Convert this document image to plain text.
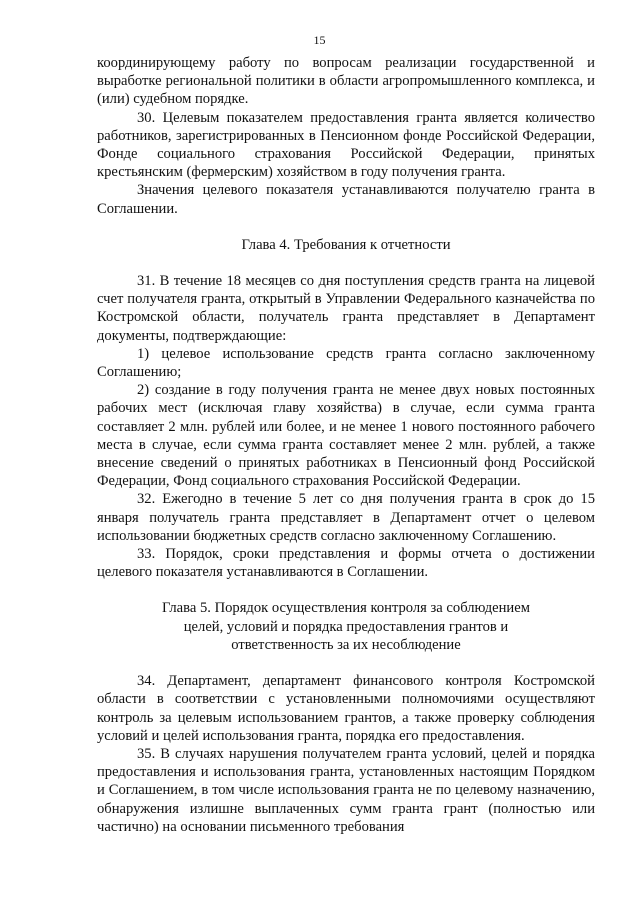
15

координирующему работу по вопросам реализации государственной и выработке региональной политики в области агропромышленного комплекса, и (или) судебном порядке.

30. Целевым показателем предоставления гранта является количество работников, зарегистрированных в Пенсионном фонде Российской Федерации, Фонде социального страхования Российской Федерации, принятых крестьянским (фермерским) хозяйством в году получения гранта.

Значения целевого показателя устанавливаются получателю гранта в Соглашении.

Глава 4. Требования к отчетности

31. В течение 18 месяцев со дня поступления средств гранта на лицевой счет получателя гранта, открытый в Управлении Федерального казначейства по Костромской области, получатель гранта представляет в Департамент документы, подтверждающие:

1) целевое использование средств гранта согласно заключенному Соглашению;

2) создание в году получения гранта не менее двух новых постоянных рабочих мест (исключая главу хозяйства) в случае, если сумма гранта составляет 2 млн. рублей или более, и не менее 1 нового постоянного рабочего места в случае, если сумма гранта составляет менее 2 млн. рублей, а также внесение сведений о принятых работниках в Пенсионный фонд Российской Федерации, Фонд социального страхования Российской Федерации.

32. Ежегодно в течение 5 лет со дня получения гранта в срок до 15 января получатель гранта представляет в Департамент отчет о целевом использовании бюджетных средств согласно заключенному Соглашению.

33. Порядок, сроки представления и формы отчета о достижении целевого показателя устанавливаются в Соглашении.

Глава 5. Порядок осуществления контроля за соблюдением целей, условий и порядка предоставления грантов и ответственность за их несоблюдение

34. Департамент, департамент финансового контроля Костромской области в соответствии с установленными полномочиями осуществляют контроль за целевым использованием грантов, а также проверку соблюдения условий и целей использования гранта, порядка его предоставления.

35. В случаях нарушения получателем гранта условий, целей и порядка предоставления и использования гранта, установленных настоящим Порядком и Соглашением, в том числе использования гранта не по целевому назначению, обнаружения излишне выплаченных сумм гранта грант (полностью или частично) на основании письменного требования
